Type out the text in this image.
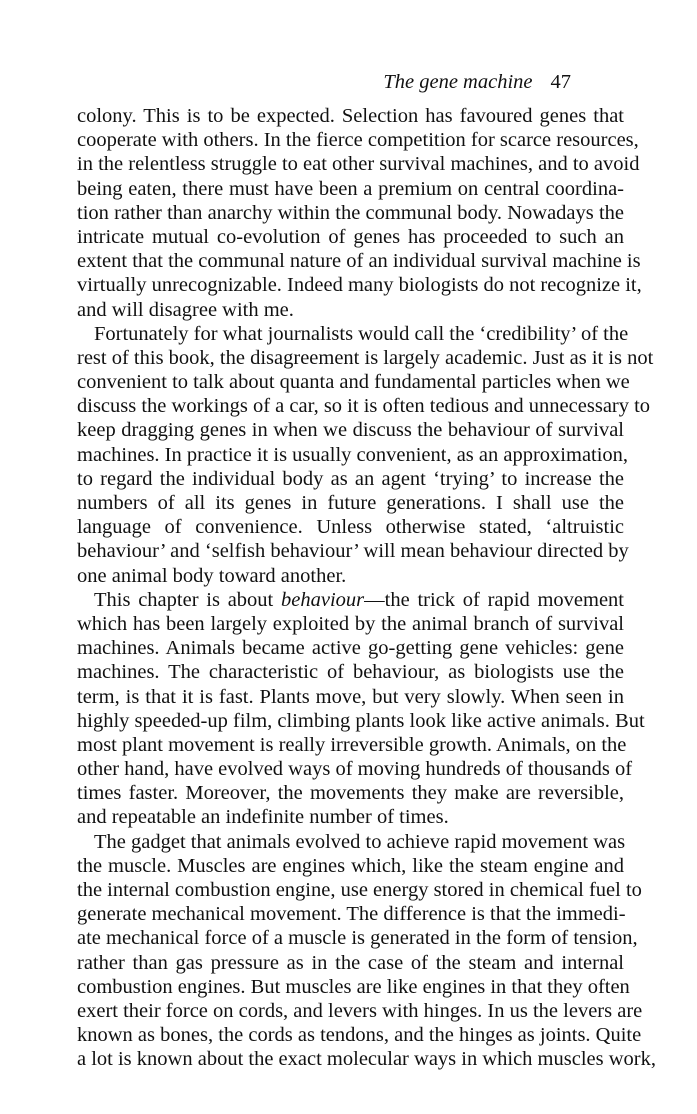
The gene machine 47
colony. This is to be expected. Selection has favoured genes that
cooperate with others. In the fierce competition for scarce resources,
in the relentless struggle to eat other survival machines, and to avoid
being eaten, there must have been a premium on central coordina-
tion rather than anarchy within the communal body. Nowadays the
intricate mutual co-evolution of genes has proceeded to such an
extent that the communal nature of an individual survival machine is
virtually unrecognizable. Indeed many biologists do not recognize it,
and will disagree with me.
Fortunately for what journalists would call the ‘credibility’ of the
rest of this book, the disagreement is largely academic. Just as it is not
convenient to talk about quanta and fundamental particles when we
discuss the workings of a car, so it is often tedious and unnecessary to
keep dragging genes in when we discuss the behaviour of survival
machines. In practice it is usually convenient, as an approximation,
to regard the individual body as an agent ‘trying’ to increase the
numbers of all its genes in future generations. I shall use the
language of convenience. Unless otherwise stated, ‘altruistic
behaviour’ and ‘selfish behaviour’ will mean behaviour directed by
one animal body toward another.
This chapter is about behaviour—the trick of rapid movement
which has been largely exploited by the animal branch of survival
machines. Animals became active go-getting gene vehicles: gene
machines. The characteristic of behaviour, as biologists use the
term, is that it is fast. Plants move, but very slowly. When seen in
highly speeded-up film, climbing plants look like active animals. But
most plant movement is really irreversible growth. Animals, on the
other hand, have evolved ways of moving hundreds of thousands of
times faster. Moreover, the movements they make are reversible,
and repeatable an indefinite number of times.
The gadget that animals evolved to achieve rapid movement was
the muscle. Muscles are engines which, like the steam engine and
the internal combustion engine, use energy stored in chemical fuel to
generate mechanical movement. The difference is that the immedi-
ate mechanical force of a muscle is generated in the form of tension,
rather than gas pressure as in the case of the steam and internal
combustion engines. But muscles are like engines in that they often
exert their force on cords, and levers with hinges. In us the levers are
known as bones, the cords as tendons, and the hinges as joints. Quite
a lot is known about the exact molecular ways in which muscles work,
